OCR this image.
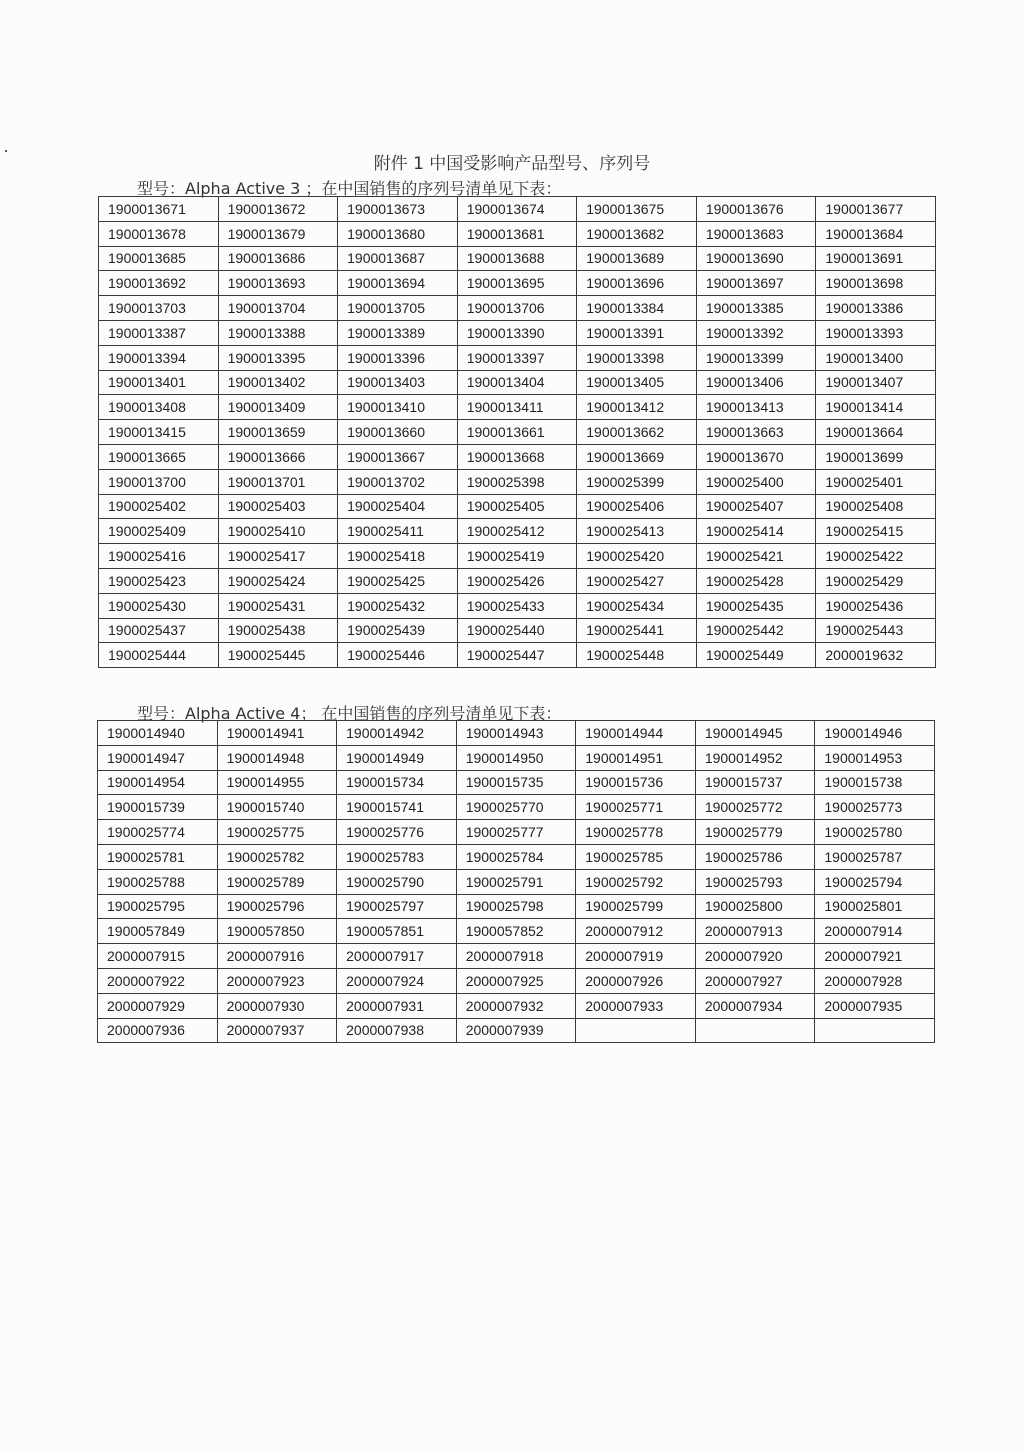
附件 1 中国受影响产品型号、序列号
型号：Alpha Active 3 ；在中国销售的序列号清单见下表：
1900013671	1900013672	1900013673	1900013674	1900013675	1900013676	1900013677
1900013678	1900013679	1900013680	1900013681	1900013682	1900013683	1900013684
1900013685	1900013686	1900013687	1900013688	1900013689	1900013690	1900013691
1900013692	1900013693	1900013694	1900013695	1900013696	1900013697	1900013698
1900013703	1900013704	1900013705	1900013706	1900013384	1900013385	1900013386
1900013387	1900013388	1900013389	1900013390	1900013391	1900013392	1900013393
1900013394	1900013395	1900013396	1900013397	1900013398	1900013399	1900013400
1900013401	1900013402	1900013403	1900013404	1900013405	1900013406	1900013407
1900013408	1900013409	1900013410	1900013411	1900013412	1900013413	1900013414
1900013415	1900013659	1900013660	1900013661	1900013662	1900013663	1900013664
1900013665	1900013666	1900013667	1900013668	1900013669	1900013670	1900013699
1900013700	1900013701	1900013702	1900025398	1900025399	1900025400	1900025401
1900025402	1900025403	1900025404	1900025405	1900025406	1900025407	1900025408
1900025409	1900025410	1900025411	1900025412	1900025413	1900025414	1900025415
1900025416	1900025417	1900025418	1900025419	1900025420	1900025421	1900025422
1900025423	1900025424	1900025425	1900025426	1900025427	1900025428	1900025429
1900025430	1900025431	1900025432	1900025433	1900025434	1900025435	1900025436
1900025437	1900025438	1900025439	1900025440	1900025441	1900025442	1900025443
1900025444	1900025445	1900025446	1900025447	1900025448	1900025449	2000019632
型号：Alpha Active 4； 在中国销售的序列号清单见下表：
1900014940	1900014941	1900014942	1900014943	1900014944	1900014945	1900014946
1900014947	1900014948	1900014949	1900014950	1900014951	1900014952	1900014953
1900014954	1900014955	1900015734	1900015735	1900015736	1900015737	1900015738
1900015739	1900015740	1900015741	1900025770	1900025771	1900025772	1900025773
1900025774	1900025775	1900025776	1900025777	1900025778	1900025779	1900025780
1900025781	1900025782	1900025783	1900025784	1900025785	1900025786	1900025787
1900025788	1900025789	1900025790	1900025791	1900025792	1900025793	1900025794
1900025795	1900025796	1900025797	1900025798	1900025799	1900025800	1900025801
1900057849	1900057850	1900057851	1900057852	2000007912	2000007913	2000007914
2000007915	2000007916	2000007917	2000007918	2000007919	2000007920	2000007921
2000007922	2000007923	2000007924	2000007925	2000007926	2000007927	2000007928
2000007929	2000007930	2000007931	2000007932	2000007933	2000007934	2000007935
2000007936	2000007937	2000007938	2000007939			
